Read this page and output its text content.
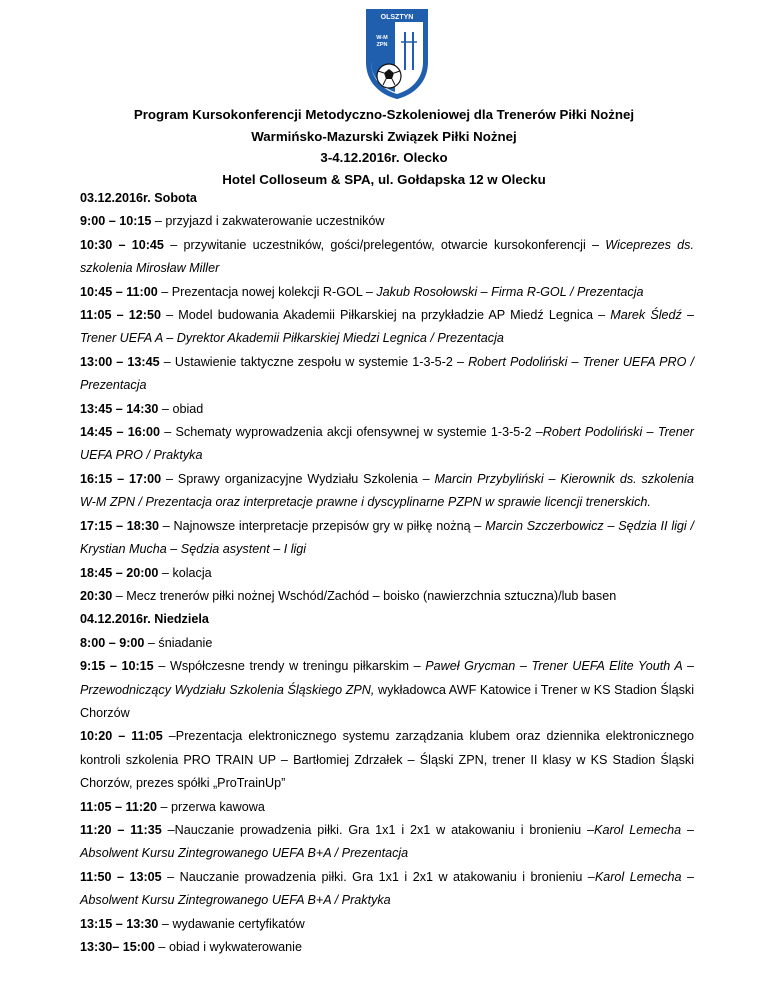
OLSZTYN
W-M
ZPN
Program Kursokonferencji Metodyczno-Szkoleniowej dla Trenerów Piłki Nożnej
Warmińsko-Mazurski Związek Piłki Nożnej
3-4.12.2016r. Olecko
Hotel Colloseum & SPA, ul. Gołdapska 12 w Olecku

03.12.2016r. Sobota

9:00 – 10:15 – przyjazd i zakwaterowanie uczestników

10:30 – 10:45 – przywitanie uczestników, gości/prelegentów, otwarcie kursokonferencji – Wiceprezes ds. szkolenia Mirosław Miller

10:45 – 11:00 – Prezentacja nowej kolekcji R-GOL – Jakub Rosołowski – Firma R-GOL / Prezentacja

11:05 – 12:50 – Model budowania Akademii Piłkarskiej na przykładzie AP Miedź Legnica – Marek Śledź – Trener UEFA A – Dyrektor Akademii Piłkarskiej Miedzi Legnica / Prezentacja

13:00 – 13:45 – Ustawienie taktyczne zespołu w systemie 1-3-5-2 – Robert Podoliński – Trener UEFA PRO / Prezentacja

13:45 – 14:30 – obiad

14:45 – 16:00 – Schematy wyprowadzenia akcji ofensywnej w systemie 1-3-5-2 –Robert Podoliński – Trener UEFA PRO / Praktyka

16:15 – 17:00 – Sprawy organizacyjne Wydziału Szkolenia – Marcin Przybyliński – Kierownik ds. szkolenia W-M ZPN / Prezentacja oraz interpretacje prawne i dyscyplinarne PZPN w sprawie licencji trenerskich.

17:15 – 18:30 – Najnowsze interpretacje przepisów gry w piłkę nożną – Marcin Szczerbowicz – Sędzia II ligi / Krystian Mucha – Sędzia asystent – I ligi

18:45 – 20:00 – kolacja

20:30 – Mecz trenerów piłki nożnej Wschód/Zachód – boisko (nawierzchnia sztuczna)/lub basen

04.12.2016r. Niedziela

8:00 – 9:00 – śniadanie

9:15 – 10:15 – Współczesne trendy w treningu piłkarskim – Paweł Grycman – Trener UEFA Elite Youth A – Przewodniczący Wydziału Szkolenia Śląskiego ZPN, wykładowca AWF Katowice i Trener w KS Stadion Śląski Chorzów

10:20 – 11:05 –Prezentacja elektronicznego systemu zarządzania klubem oraz dziennika elektronicznego kontroli szkolenia PRO TRAIN UP – Bartłomiej Zdrzałek – Śląski ZPN, trener II klasy w KS Stadion Śląski Chorzów, prezes spółki „ProTrainUp”

11:05 – 11:20 – przerwa kawowa

11:20 – 11:35 –Nauczanie prowadzenia piłki. Gra 1x1 i 2x1 w atakowaniu i bronieniu –Karol Lemecha – Absolwent Kursu Zintegrowanego UEFA B+A / Prezentacja

11:50 – 13:05 – Nauczanie prowadzenia piłki. Gra 1x1 i 2x1 w atakowaniu i bronieniu –Karol Lemecha – Absolwent Kursu Zintegrowanego UEFA B+A / Praktyka

13:15 – 13:30 – wydawanie certyfikatów

13:30– 15:00 – obiad i wykwaterowanie
